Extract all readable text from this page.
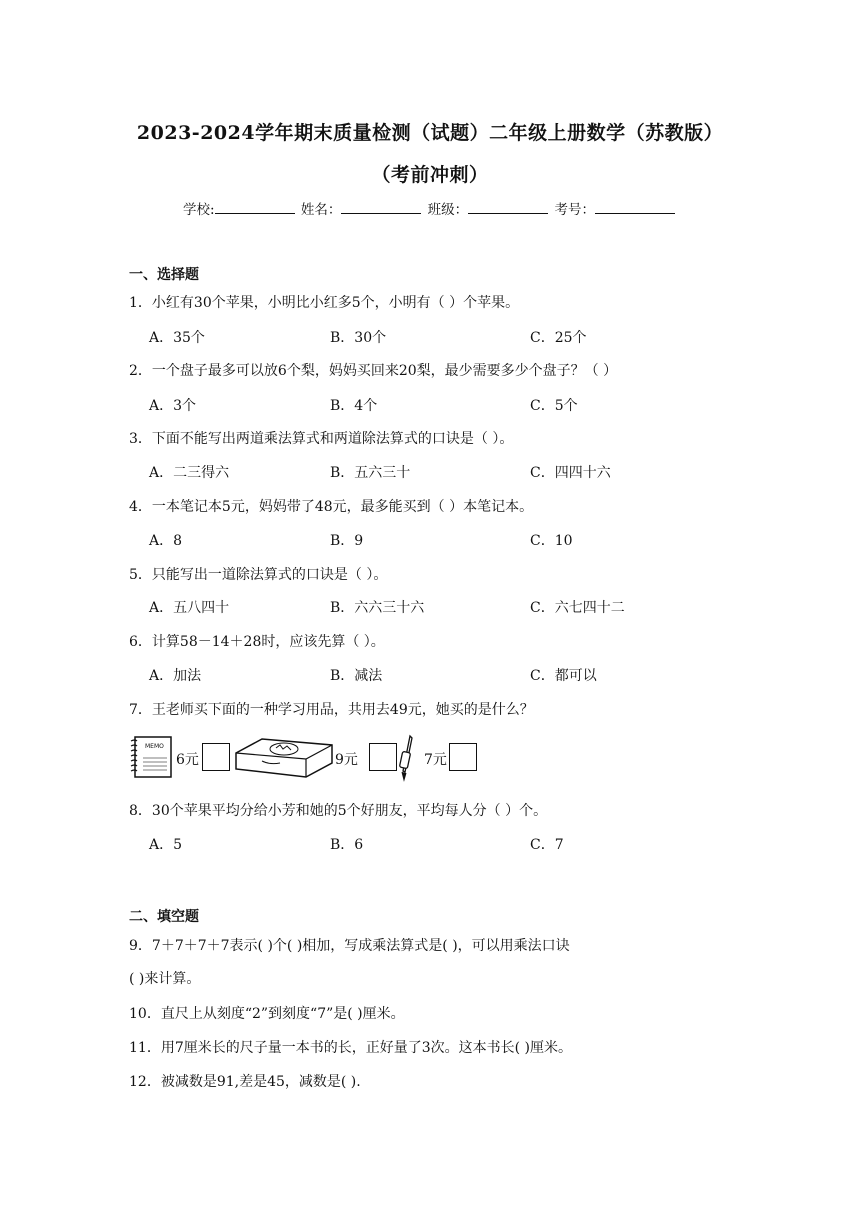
2023-2024学年期末质量检测（试题）二年级上册数学（苏教版）
（考前冲刺）
学校:	姓名：	班级：	考号：
一、选择题
1．小红有30个苹果，小明比小红多5个，小明有（ ）个苹果。
A．35个	B．30个	C．25个
2．一个盘子最多可以放6个梨，妈妈买回来20梨，最少需要多少个盘子？（ ）
A．3个	B．4个	C．5个
3．下面不能写出两道乘法算式和两道除法算式的口诀是（ ）。
A．二三得六	B．五六三十	C．四四十六
4．一本笔记本5元，妈妈带了48元，最多能买到（ ）本笔记本。
A．8	B．9	C．10
5．只能写出一道除法算式的口诀是（ ）。
A．五八四十	B．六六三十六	C．六七四十二
6．计算58－14＋28时，应该先算（ ）。
A．加法	B．减法	C．都可以
7．王老师买下面的一种学习用品，共用去49元，她买的是什么？
MEMO
6元	9元	7元
8．30个苹果平均分给小芳和她的5个好朋友，平均每人分（ ）个。
A．5	B．6	C．7
二、填空题
9．7＋7＋7＋7表示( )个( )相加，写成乘法算式是( )，可以用乘法口诀
( )来计算。
10．直尺上从刻度“2”到刻度“7”是( )厘米。
11．用7厘米长的尺子量一本书的长，正好量了3次。这本书长( )厘米。
12．被减数是91,差是45，减数是( ).
